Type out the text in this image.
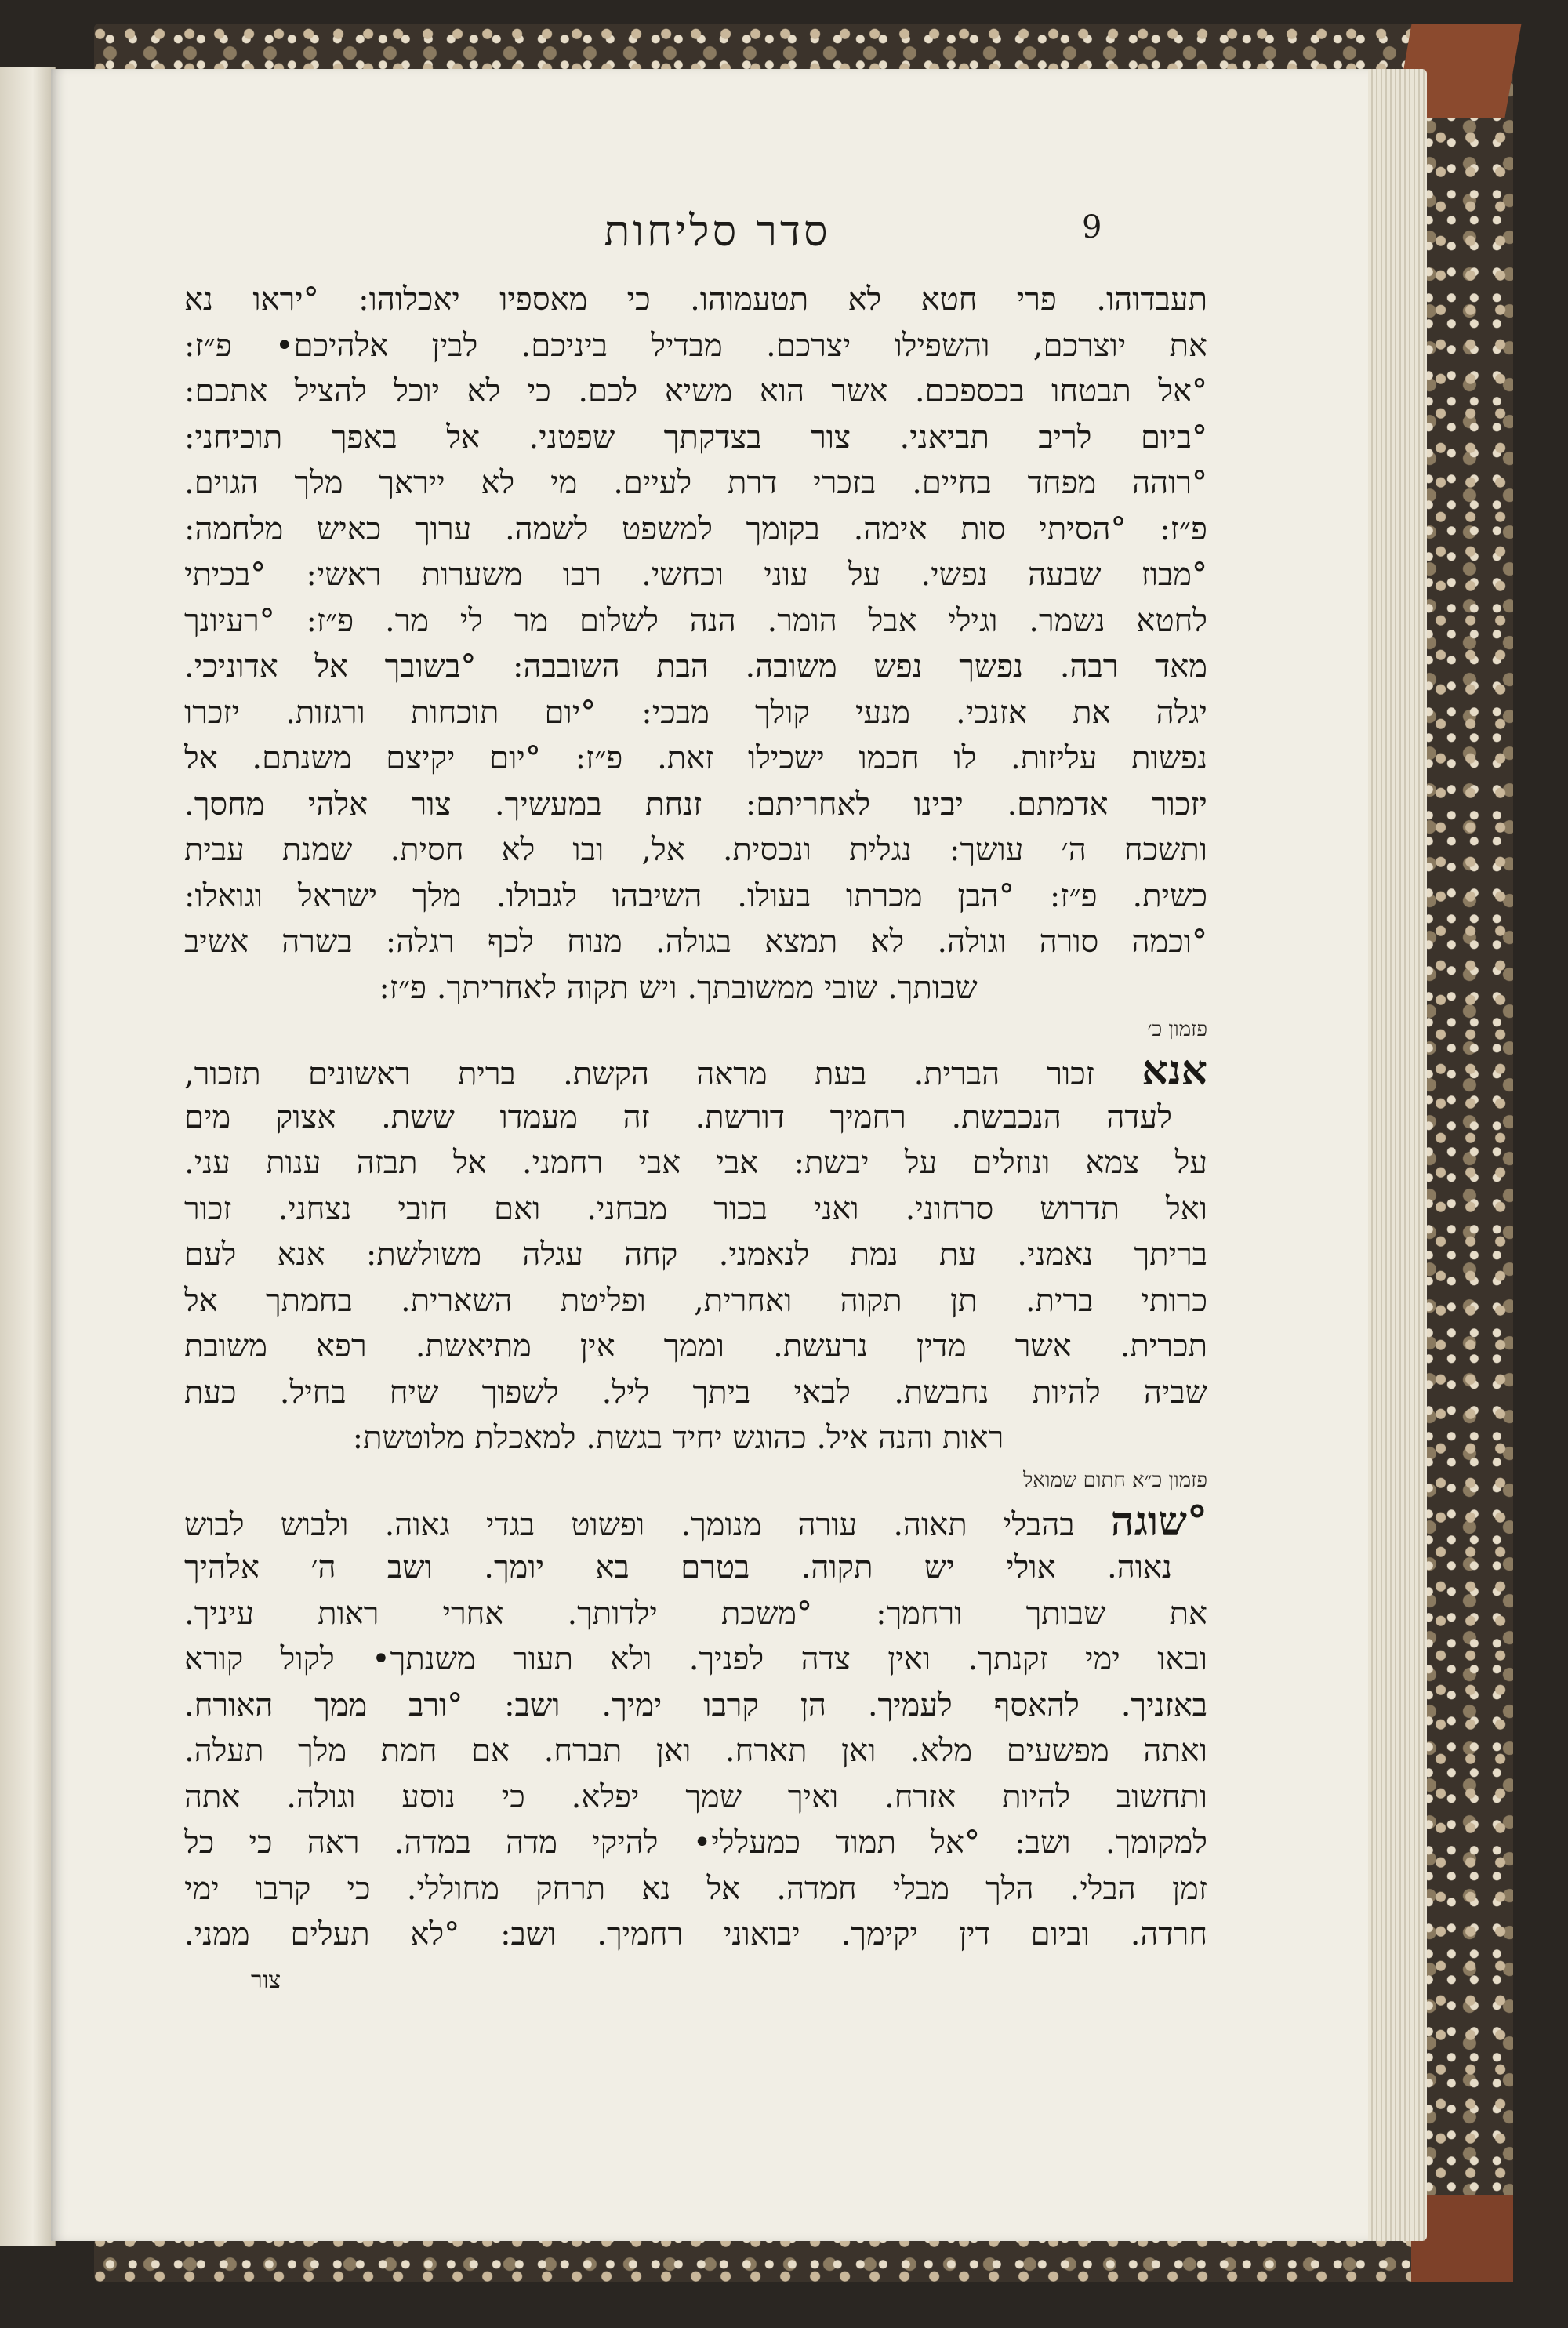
סדר סליחות	9
תעבדוהו. פרי חטא לא תטעמוהו. כי מאספיו יאכלוהו: °יראו נא
את יוצרכם, והשפילו יצרכם. מבדיל ביניכם. לבין אלהיכם• פ״ז:
°אל תבטחו בכספכם. אשר הוא משיא לכם. כי לא יוכל להציל אתכם:
°ביום לריב תביאני. צור בצדקתך שפטני. אל באפך תוכיחני:
°רוהה מפחד בחיים. בזכרי דרת לעיים. מי לא ייראך מלך הגוים.
פ״ז: °הסיתי סות אימה. בקומך למשפט לשמה. ערוך כאיש מלחמה:
°מבוז שבעה נפשי. על עוני וכחשי. רבו משערות ראשי: °בכיתי
לחטא נשמר. וגילי אבל הומר. הנה לשלום מר לי מר. פ״ז: °רעיונך
מאד רבה. נפשך נפש משובה. הבת השובבה: °בשובך אל אדוניכי.
יגלה את אזנכי. מנעי קולך מבכי: °יום תוכחות ורגזות. יזכרו
נפשות עליזות. לו חכמו ישכילו זאת. פ״ז: °יום יקיצם משנתם. אל
יזכור אדמתם. יבינו לאחריתם: זנחת במעשיך. צור אלהי מחסך.
ותשכח ה׳ עושך: נגלית ונכסית. אל, ובו לא חסית. שמנת עבית
כשית. פ״ז: °הבן מכרתו בעולו. השיבהו לגבולו. מלך ישראל וגואלו:
°וכמה סורה וגולה. לא תמצא בגולה. מנוח לכף רגלה: בשרה אשיב
שבותך. שובי ממשובתך. ויש תקוה לאחריתך. פ״ז:
פזמון כ׳
אנא זכור הברית. בעת מראה הקשת. ברית ראשונים תזכור,
לעדה הנכבשת. רחמיך דורשת. זה מעמדו ששת. אצוק מים
על צמא ונוזלים על יבשת: אבי אבי רחמני. אל תבזה ענות עני.
ואל תדרוש סרחוני. ואני בכור מבחני. ואם חובי נצחני. זכור
בריתך נאמני. עת נמת לנאמני. קחה עגלה משולשת: אנא לעם
כרותי ברית. תן תקוה ואחרית, ופליטת השארית. בחמתך אל
תכרית. אשר מדין נרעשת. וממך אין מתיאשת. רפא משובת
שביה להיות נחבשת. לבאי ביתך ליל. לשפוך שיח בחיל. כעת
ראות והנה איל. כהוגש יחיד בגשת. למאכלת מלוטשת:
פזמון כ״א חתום שמואל
°שוגה בהבלי תאוה. עורה מנומך. ופשוט בגדי גאוה. ולבוש לבוש
נאוה. אולי יש תקוה. בטרם בא יומך. ושב ה׳ אלהיך
את שבותך ורחמך: °משכת ילדותך. אחרי ראות עיניך.
ובאו ימי זקנתך. ואין צדה לפניך. ולא תעור משנתך• לקול קורא
באזניך. להאסף לעמיך. הן קרבו ימיך. ושב: °ורב ממך האורח.
ואתה מפשעים מלא. ואן תארח. ואן תברח. אם חמת מלך תעלה.
ותחשוב להיות אזרח. ואיך שמך יפלא. כי נוסע וגולה. אתה
למקומך. ושב: °אל תמוד כמעללי• להיקי מדה במדה. ראה כי כל
זמן הבלי. הלך מבלי חמדה. אל נא תרחק מחוללי. כי קרבו ימי
חרדה. וביום דין יקימך. יבואוני רחמיך. ושב: °לא תעלים ממני.
צור
